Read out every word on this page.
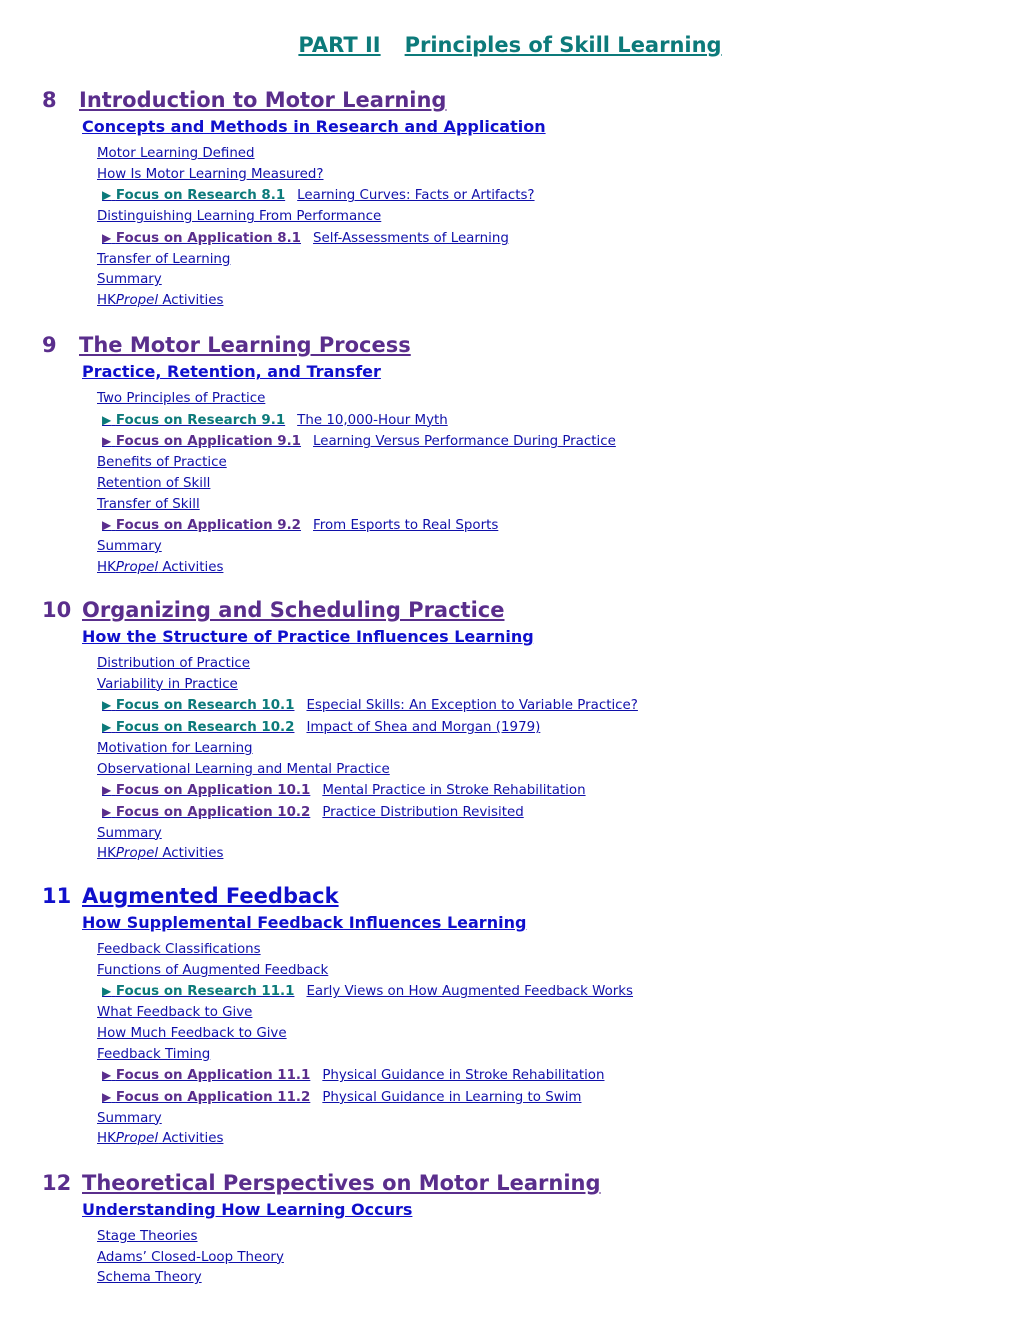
PART II Principles of Skill Learning
8 Introduction to Motor Learning
Concepts and Methods in Research and Application
Motor Learning Defined
How Is Motor Learning Measured?
▶ Focus on Research 8.1 Learning Curves: Facts or Artifacts?
Distinguishing Learning From Performance
▶ Focus on Application 8.1 Self-Assessments of Learning
Transfer of Learning
Summary
HKPropel Activities
9 The Motor Learning Process
Practice, Retention, and Transfer
Two Principles of Practice
▶ Focus on Research 9.1 The 10,000-Hour Myth
▶ Focus on Application 9.1 Learning Versus Performance During Practice
Benefits of Practice
Retention of Skill
Transfer of Skill
▶ Focus on Application 9.2 From Esports to Real Sports
Summary
HKPropel Activities
10 Organizing and Scheduling Practice
How the Structure of Practice Influences Learning
Distribution of Practice
Variability in Practice
▶ Focus on Research 10.1 Especial Skills: An Exception to Variable Practice?
▶ Focus on Research 10.2 Impact of Shea and Morgan (1979)
Motivation for Learning
Observational Learning and Mental Practice
▶ Focus on Application 10.1 Mental Practice in Stroke Rehabilitation
▶ Focus on Application 10.2 Practice Distribution Revisited
Summary
HKPropel Activities
11 Augmented Feedback
How Supplemental Feedback Influences Learning
Feedback Classifications
Functions of Augmented Feedback
▶ Focus on Research 11.1 Early Views on How Augmented Feedback Works
What Feedback to Give
How Much Feedback to Give
Feedback Timing
▶ Focus on Application 11.1 Physical Guidance in Stroke Rehabilitation
▶ Focus on Application 11.2 Physical Guidance in Learning to Swim
Summary
HKPropel Activities
12 Theoretical Perspectives on Motor Learning
Understanding How Learning Occurs
Stage Theories
Adams’ Closed-Loop Theory
Schema Theory
